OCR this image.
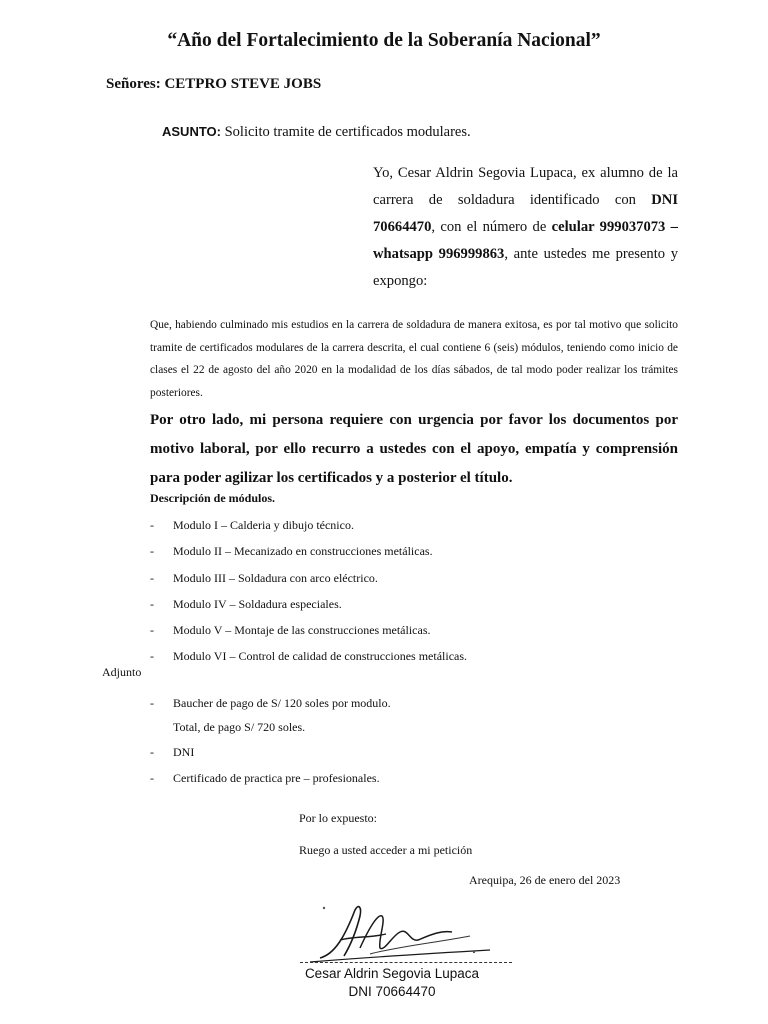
“Año del Fortalecimiento de la Soberanía Nacional”
Señores: CETPRO STEVE JOBS
ASUNTO: Solicito tramite de certificados modulares.
Yo, Cesar Aldrin Segovia Lupaca, ex alumno de la carrera de soldadura identificado con DNI 70664470, con el número de celular 999037073 – whatsapp 996999863, ante ustedes me presento y expongo:
Que, habiendo culminado mis estudios en la carrera de soldadura de manera exitosa, es por tal motivo que solicito tramite de certificados modulares de la carrera descrita, el cual contiene 6 (seis) módulos, teniendo como inicio de clases el 22 de agosto del año 2020 en la modalidad de los días sábados, de tal modo poder realizar los trámites posteriores.
Por otro lado, mi persona requiere con urgencia por favor los documentos por motivo laboral, por ello recurro a ustedes con el apoyo, empatía y comprensión para poder agilizar los certificados y a posterior el título.
Descripción de módulos.
- Modulo I – Calderia y dibujo técnico.
- Modulo II – Mecanizado en construcciones metálicas.
- Modulo III – Soldadura con arco eléctrico.
- Modulo IV – Soldadura especiales.
- Modulo V – Montaje de las construcciones metálicas.
- Modulo VI – Control de calidad de construcciones metálicas.
Adjunto
- Baucher de pago de S/ 120 soles por modulo.
Total, de pago S/ 720 soles.
- DNI
- Certificado de practica pre – profesionales.
Por lo expuesto:
Ruego a usted acceder a mi petición
Arequipa, 26 de enero del 2023
Cesar Aldrin Segovia Lupaca
DNI 70664470
